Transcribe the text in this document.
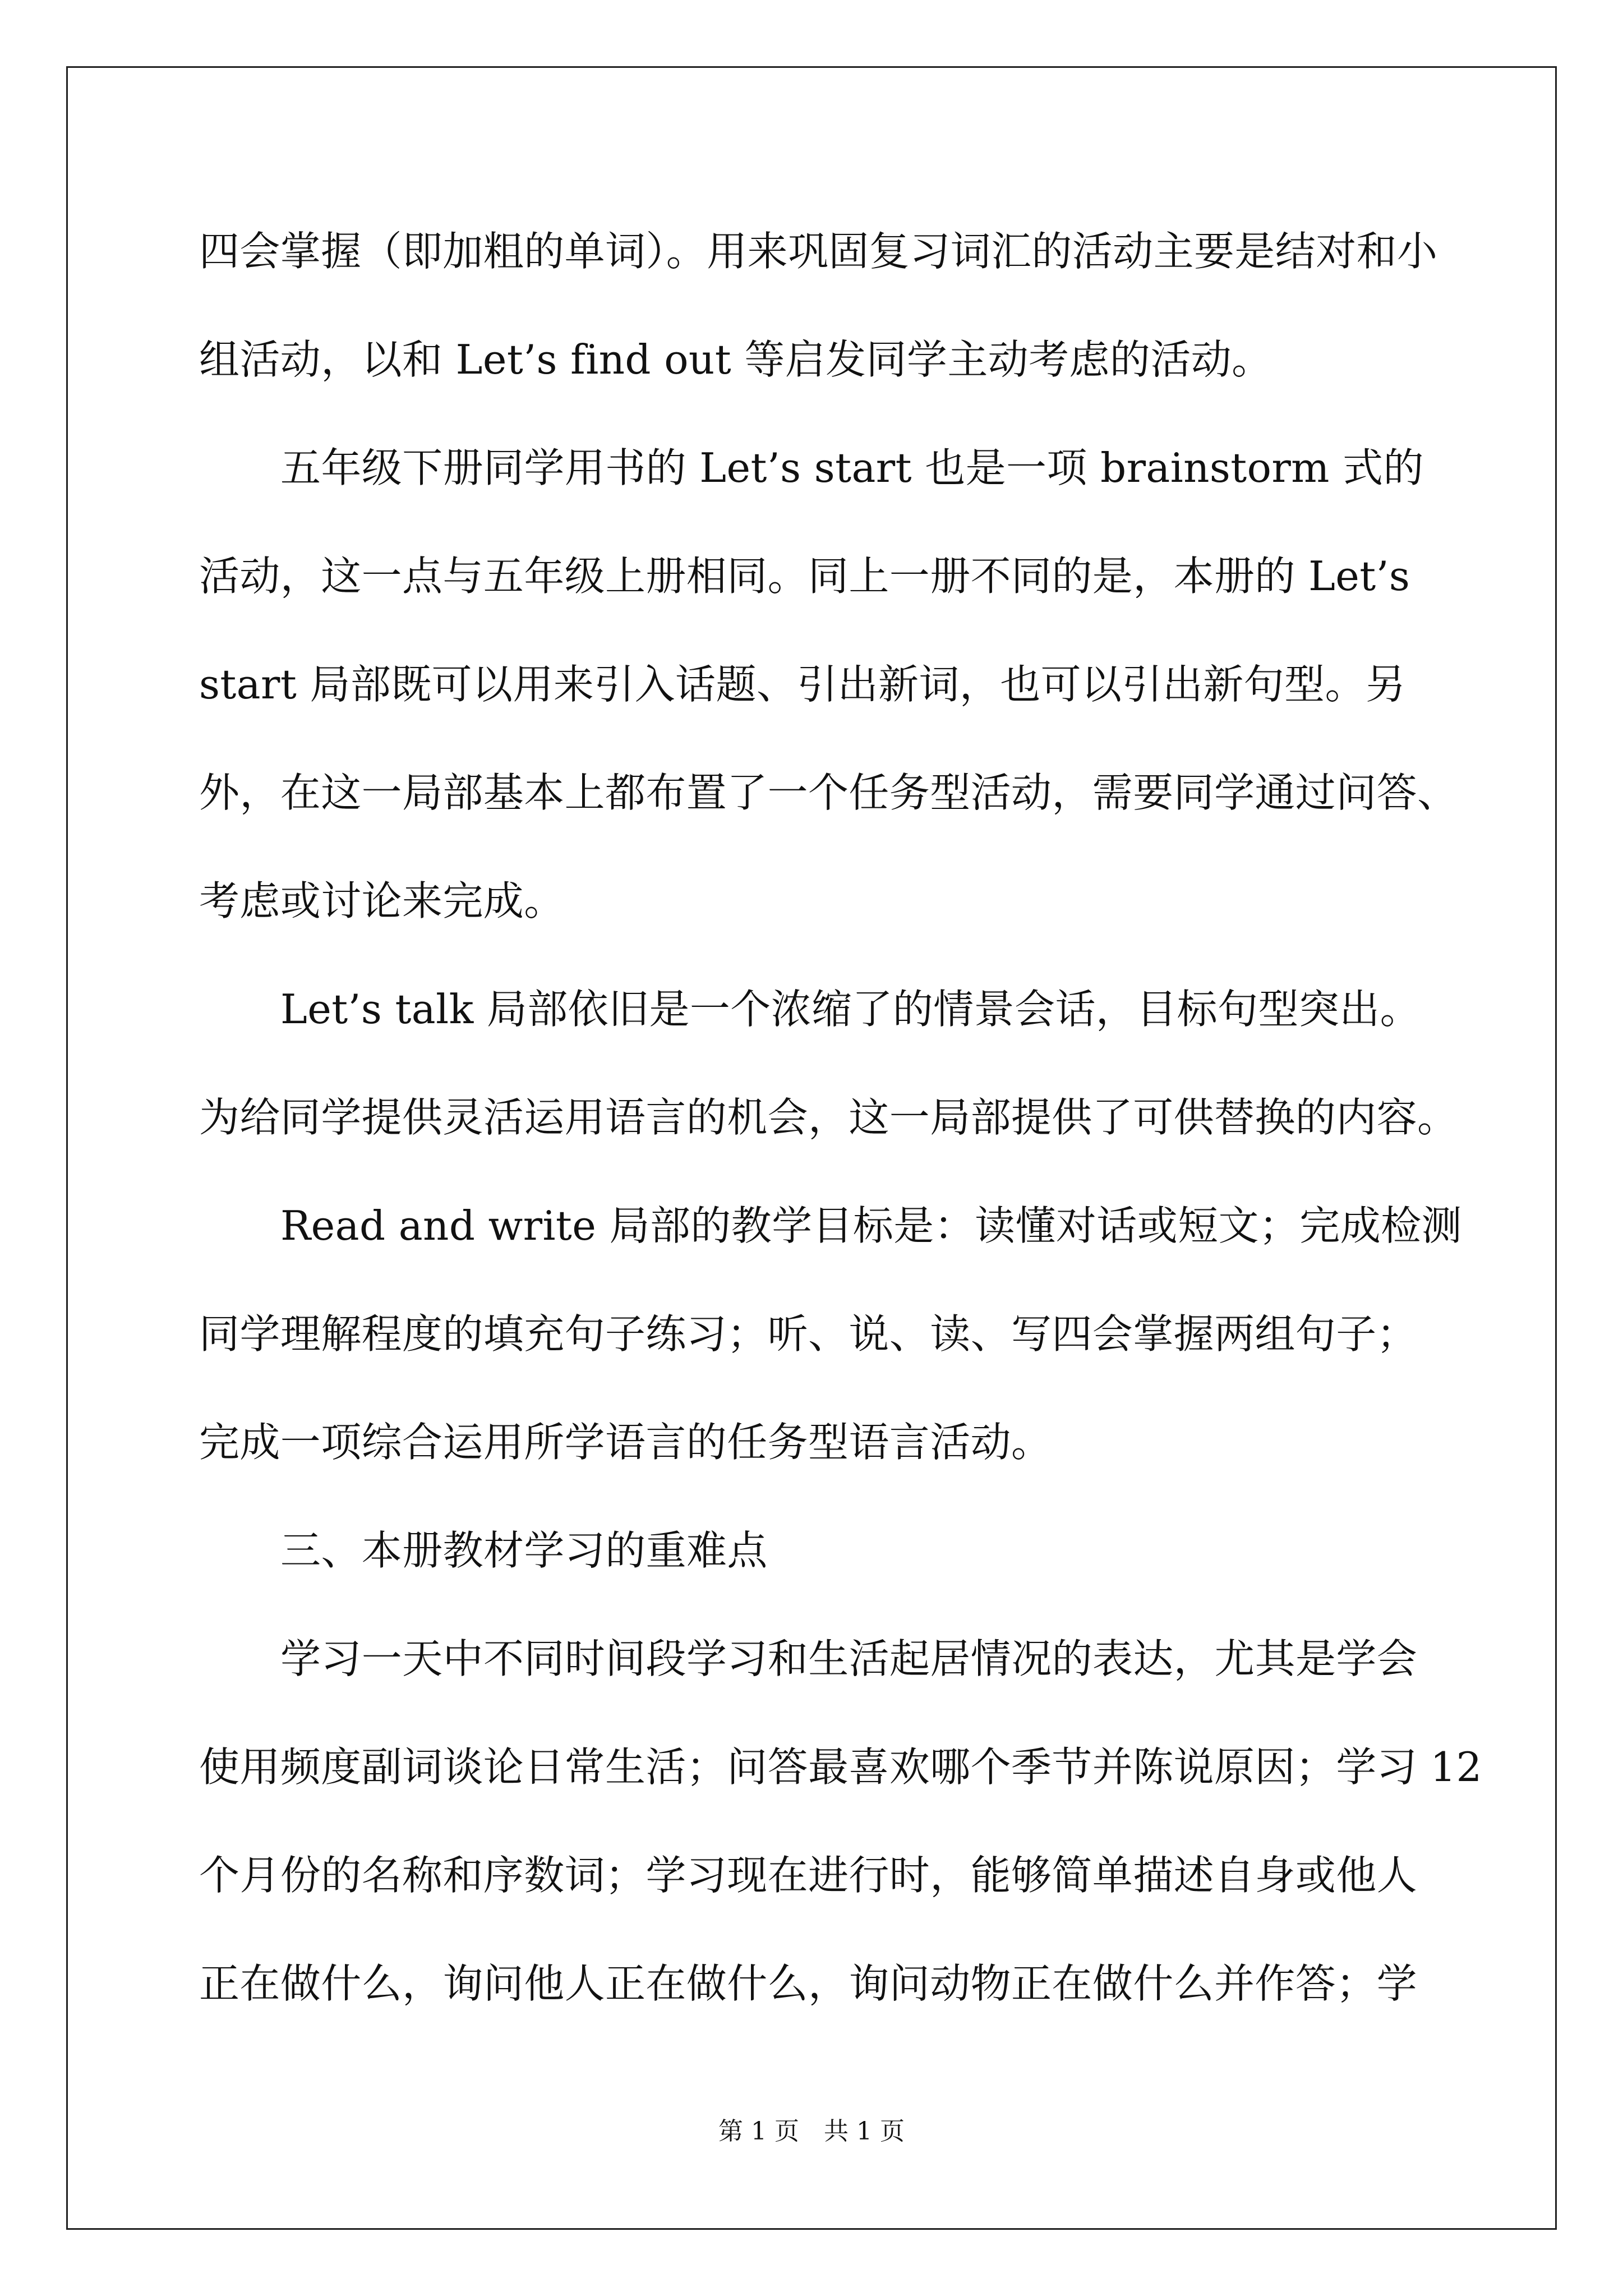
四会掌握（即加粗的单词）。用来巩固复习词汇的活动主要是结对和小
组活动，以和 Let’s find out 等启发同学主动考虑的活动。
五年级下册同学用书的 Let’s start 也是一项 brainstorm 式的
活动，这一点与五年级上册相同。同上一册不同的是，本册的 Let’s
start 局部既可以用来引入话题、引出新词，也可以引出新句型。另
外，在这一局部基本上都布置了一个任务型活动，需要同学通过问答、
考虑或讨论来完成。
Let’s talk 局部依旧是一个浓缩了的情景会话，目标句型突出。
为给同学提供灵活运用语言的机会，这一局部提供了可供替换的内容。
Read and write 局部的教学目标是：读懂对话或短文；完成检测
同学理解程度的填充句子练习；听、说、读、写四会掌握两组句子；
完成一项综合运用所学语言的任务型语言活动。
三、本册教材学习的重难点
学习一天中不同时间段学习和生活起居情况的表达，尤其是学会
使用频度副词谈论日常生活；问答最喜欢哪个季节并陈说原因；学习 12
个月份的名称和序数词；学习现在进行时，能够简单描述自身或他人
正在做什么，询问他人正在做什么，询问动物正在做什么并作答；学
第 1 页　共 1 页
